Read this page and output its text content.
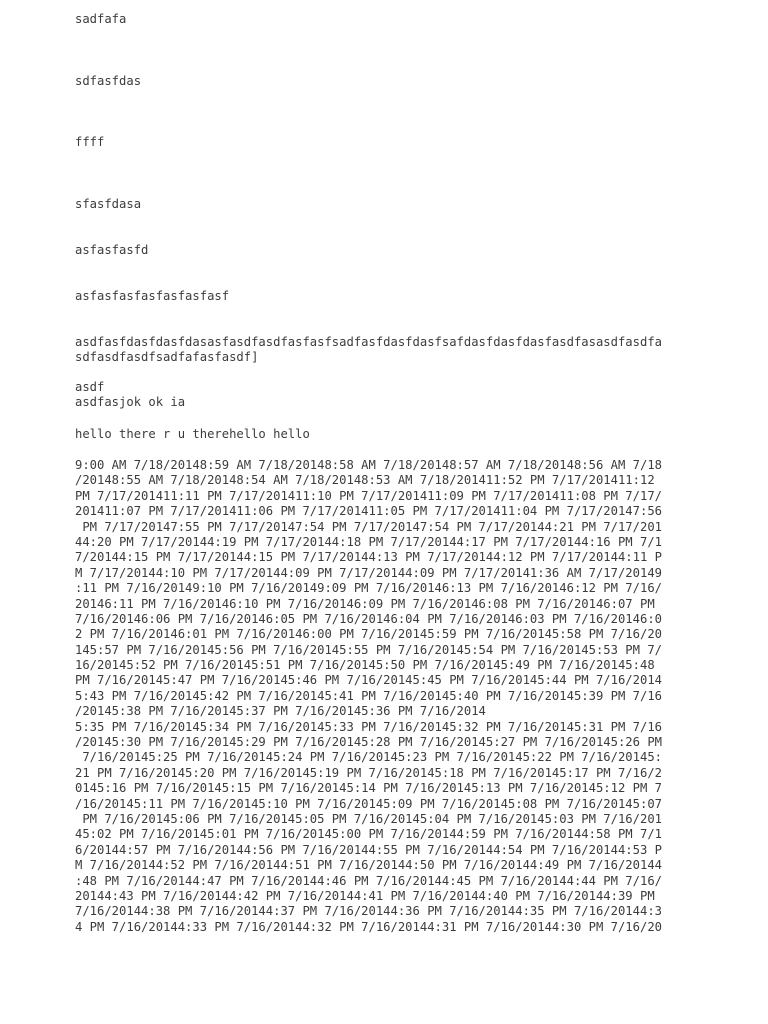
sadfafa
sdfasfdas
ffff
sfasfdasa
asfasfasfd
asfasfasfasfasfasfasf
asdfasfdasfdasfdasasfasdfasdfasfasfsadfasfdasfdasfsafdasfdasfdasfasdfasasdfasdfa
sdfasdfasdfsadfafasfasdf]
asdf
asdfasjok ok ia
hello there r u therehello hello
9:00 AM 7/18/20148:59 AM 7/18/20148:58 AM 7/18/20148:57 AM 7/18/20148:56 AM 7/18
/20148:55 AM 7/18/20148:54 AM 7/18/20148:53 AM 7/18/201411:52 PM 7/17/201411:12
PM 7/17/201411:11 PM 7/17/201411:10 PM 7/17/201411:09 PM 7/17/201411:08 PM 7/17/
201411:07 PM 7/17/201411:06 PM 7/17/201411:05 PM 7/17/201411:04 PM 7/17/20147:56
PM 7/17/20147:55 PM 7/17/20147:54 PM 7/17/20147:54 PM 7/17/20144:21 PM 7/17/201
44:20 PM 7/17/20144:19 PM 7/17/20144:18 PM 7/17/20144:17 PM 7/17/20144:16 PM 7/1
7/20144:15 PM 7/17/20144:15 PM 7/17/20144:13 PM 7/17/20144:12 PM 7/17/20144:11 P
M 7/17/20144:10 PM 7/17/20144:09 PM 7/17/20144:09 PM 7/17/20141:36 AM 7/17/20149
:11 PM 7/16/20149:10 PM 7/16/20149:09 PM 7/16/20146:13 PM 7/16/20146:12 PM 7/16/
20146:11 PM 7/16/20146:10 PM 7/16/20146:09 PM 7/16/20146:08 PM 7/16/20146:07 PM
7/16/20146:06 PM 7/16/20146:05 PM 7/16/20146:04 PM 7/16/20146:03 PM 7/16/20146:0
2 PM 7/16/20146:01 PM 7/16/20146:00 PM 7/16/20145:59 PM 7/16/20145:58 PM 7/16/20
145:57 PM 7/16/20145:56 PM 7/16/20145:55 PM 7/16/20145:54 PM 7/16/20145:53 PM 7/
16/20145:52 PM 7/16/20145:51 PM 7/16/20145:50 PM 7/16/20145:49 PM 7/16/20145:48
PM 7/16/20145:47 PM 7/16/20145:46 PM 7/16/20145:45 PM 7/16/20145:44 PM 7/16/2014
5:43 PM 7/16/20145:42 PM 7/16/20145:41 PM 7/16/20145:40 PM 7/16/20145:39 PM 7/16
/20145:38 PM 7/16/20145:37 PM 7/16/20145:36 PM 7/16/2014
5:35 PM 7/16/20145:34 PM 7/16/20145:33 PM 7/16/20145:32 PM 7/16/20145:31 PM 7/16
/20145:30 PM 7/16/20145:29 PM 7/16/20145:28 PM 7/16/20145:27 PM 7/16/20145:26 PM
7/16/20145:25 PM 7/16/20145:24 PM 7/16/20145:23 PM 7/16/20145:22 PM 7/16/20145:
21 PM 7/16/20145:20 PM 7/16/20145:19 PM 7/16/20145:18 PM 7/16/20145:17 PM 7/16/2
0145:16 PM 7/16/20145:15 PM 7/16/20145:14 PM 7/16/20145:13 PM 7/16/20145:12 PM 7
/16/20145:11 PM 7/16/20145:10 PM 7/16/20145:09 PM 7/16/20145:08 PM 7/16/20145:07
PM 7/16/20145:06 PM 7/16/20145:05 PM 7/16/20145:04 PM 7/16/20145:03 PM 7/16/201
45:02 PM 7/16/20145:01 PM 7/16/20145:00 PM 7/16/20144:59 PM 7/16/20144:58 PM 7/1
6/20144:57 PM 7/16/20144:56 PM 7/16/20144:55 PM 7/16/20144:54 PM 7/16/20144:53 P
M 7/16/20144:52 PM 7/16/20144:51 PM 7/16/20144:50 PM 7/16/20144:49 PM 7/16/20144
:48 PM 7/16/20144:47 PM 7/16/20144:46 PM 7/16/20144:45 PM 7/16/20144:44 PM 7/16/
20144:43 PM 7/16/20144:42 PM 7/16/20144:41 PM 7/16/20144:40 PM 7/16/20144:39 PM
7/16/20144:38 PM 7/16/20144:37 PM 7/16/20144:36 PM 7/16/20144:35 PM 7/16/20144:3
4 PM 7/16/20144:33 PM 7/16/20144:32 PM 7/16/20144:31 PM 7/16/20144:30 PM 7/16/20
